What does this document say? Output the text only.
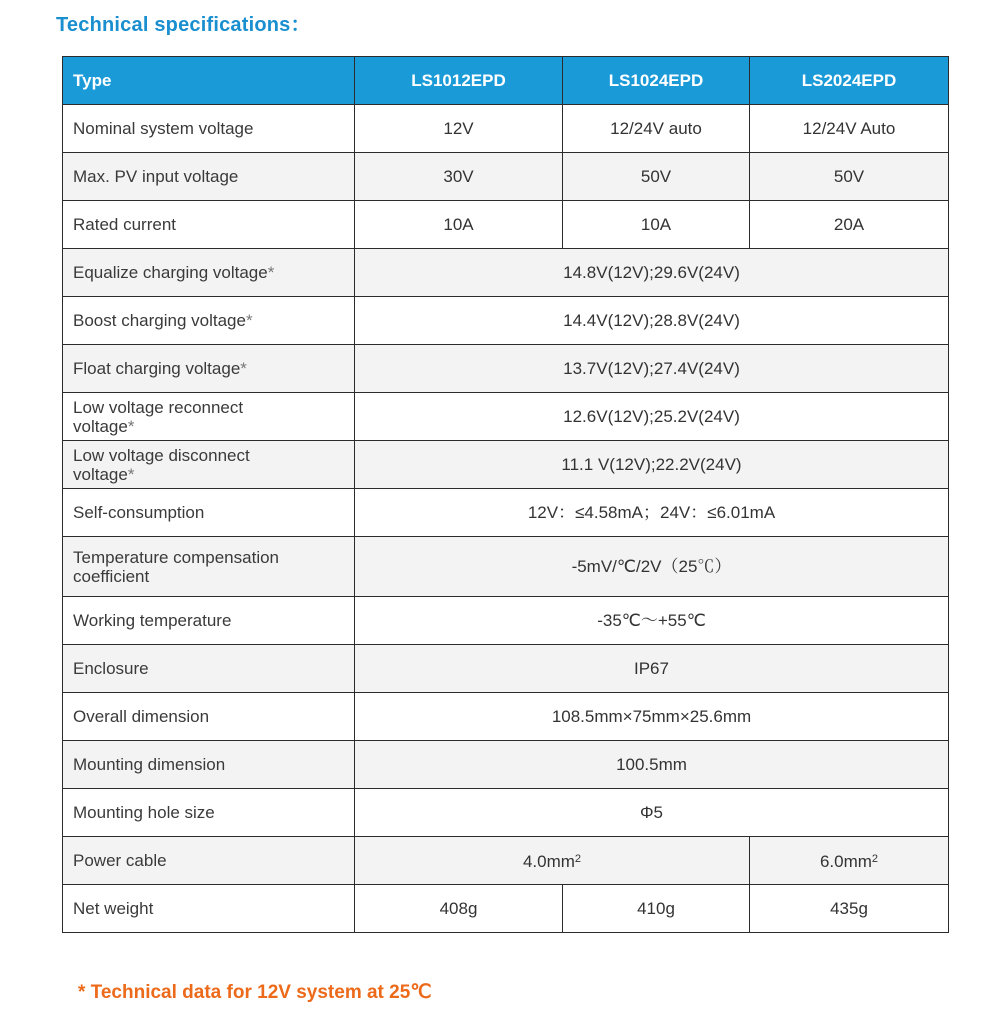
Technical specifications：
Type	LS1012EPD	LS1024EPD	LS2024EPD
Nominal system voltage	12V	12/24V auto	12/24V Auto
Max. PV input voltage	30V	50V	50V
Rated current	10A	10A	20A
Equalize charging voltage*	14.8V(12V);29.6V(24V)		
Boost charging voltage*	14.4V(12V);28.8V(24V)		
Float charging voltage*	13.7V(12V);27.4V(24V)		
Low voltage reconnect voltage*	12.6V(12V);25.2V(24V)		
Low voltage disconnect voltage*	11.1 V(12V);22.2V(24V)		
Self-consumption	12V：≤4.58mA；24V：≤6.01mA		
Temperature compensation coefficient	-5mV/℃/2V（25℃）		
Working temperature	-35℃～+55℃		
Enclosure	IP67		
Overall dimension	108.5mm×75mm×25.6mm		
Mounting dimension	100.5mm		
Mounting hole size	Φ5		
Power cable	$4.0mm^2$		$6.0mm^2$
Net weight	408g	410g	435g
* Technical data for 12V system at 25℃
